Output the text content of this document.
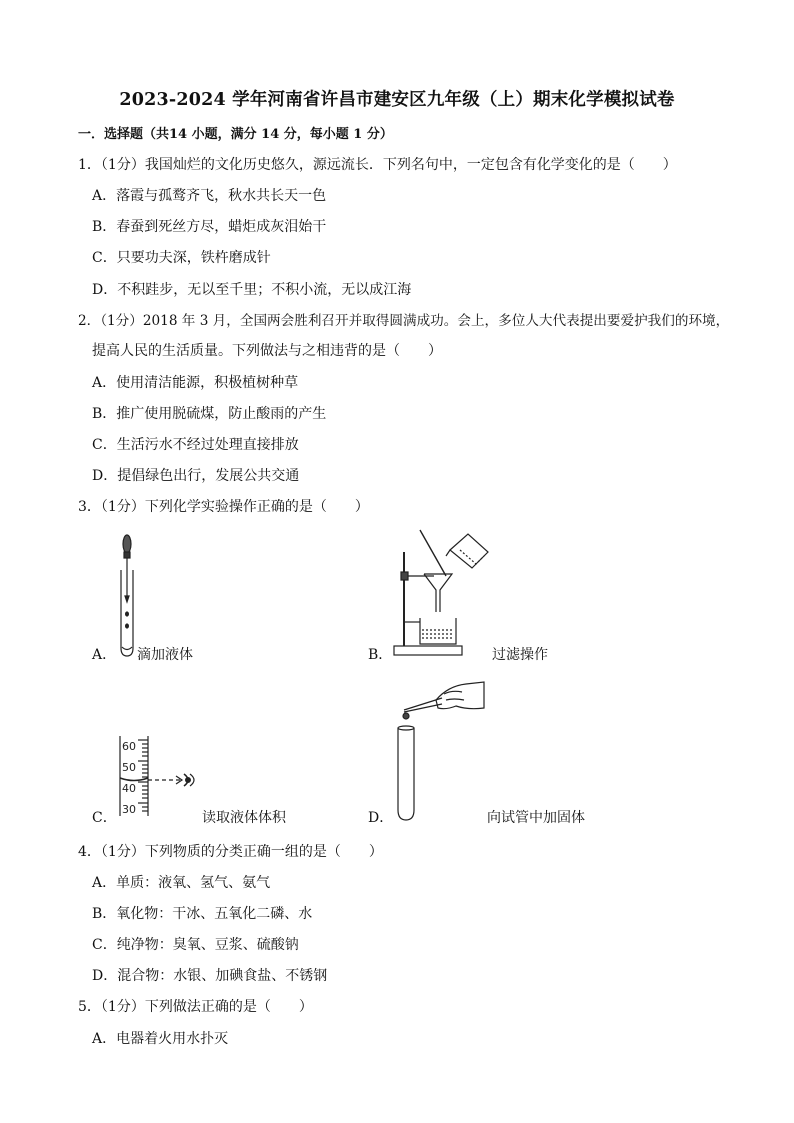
2023-2024 学年河南省许昌市建安区九年级（上）期末化学模拟试卷
一．选择题（共14 小题，满分 14 分，每小题 1 分）
1．（1分）我国灿烂的文化历史悠久，源远流长．下列名句中，一定包含有化学变化的是（　　）
A．落霞与孤鹜齐飞，秋水共长天一色
B．春蚕到死丝方尽，蜡炬成灰泪始干
C．只要功夫深，铁杵磨成针
D．不积跬步，无以至千里；不积小流，无以成江海
2．（1分）2018 年 3 月，全国两会胜利召开并取得圆满成功。会上，多位人大代表提出要爱护我们的环境，
提高人民的生活质量。下列做法与之相违背的是（　　）
A．使用清洁能源，积极植树种草
B．推广使用脱硫煤，防止酸雨的产生
C．生活污水不经过处理直接排放
D．提倡绿色出行，发展公共交通
3．（1分）下列化学实验操作正确的是（　　）
A． 滴加液体	B．	过滤操作
60
50
40
30
C．	读取液体体积	D．	向试管中加固体
4．（1分）下列物质的分类正确一组的是（　　）
A．单质：液氧、氢气、氨气
B．氧化物：干冰、五氧化二磷、水
C．纯净物：臭氧、豆浆、硫酸钠
D．混合物：水银、加碘食盐、不锈钢
5．（1分）下列做法正确的是（　　）
A．电器着火用水扑灭
